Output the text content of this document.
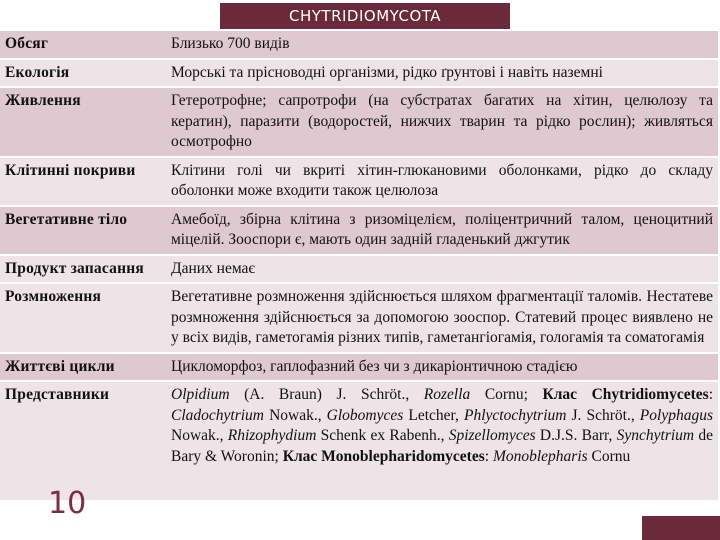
CHYTRIDIOMYCOTA
Обсяг	Близько 700 видів
Екологія	Морські та прісноводні організми, рідко ґрунтові і навіть наземні
Живлення	Гетеротрофне; сапротрофи (на субстратах багатих на хітин, целюлозу та кератин), паразити (водоростей, нижчих тварин та рідко рослин); живляться осмотрофно
Клітинні покриви	Клітини голі чи вкриті хітин-глюкановими оболонками, рідко до складу оболонки може входити також целюлоза
Вегетативне тіло	Амебоїд, збірна клітина з ризоміцелієм, поліцентричний талом, ценоцитний міцелій. Зооспори є, мають один задній гладенький джгутик
Продукт запасання	Даних немає
Розмноження	Вегетативне розмноження здійснюється шляхом фрагментації таломів. Нестатеве розмноження здійснюється за допомогою зооспор. Статевий процес виявлено не у всіх видів, гаметогамія різних типів, гаметангіогамія, гологамія та соматогамія
Життєві цикли	Цикломорфоз, гаплофазний без чи з дикаріонтичною стадією
Представники	Olpidium (A. Braun) J. Schröt., Rozella Cornu; Клас Chytridiomycetes: Cladochytrium Nowak., Globomyces Letcher, Phlyctochytrium J. Schröt., Polyphagus Nowak., Rhizophydium Schenk ex Rabenh., Spizellomyces D.J.S. Barr, Synchytrium de Bary & Woronin; Клас Monoblepharidomycetes: Monoblepharis Cornu
10
